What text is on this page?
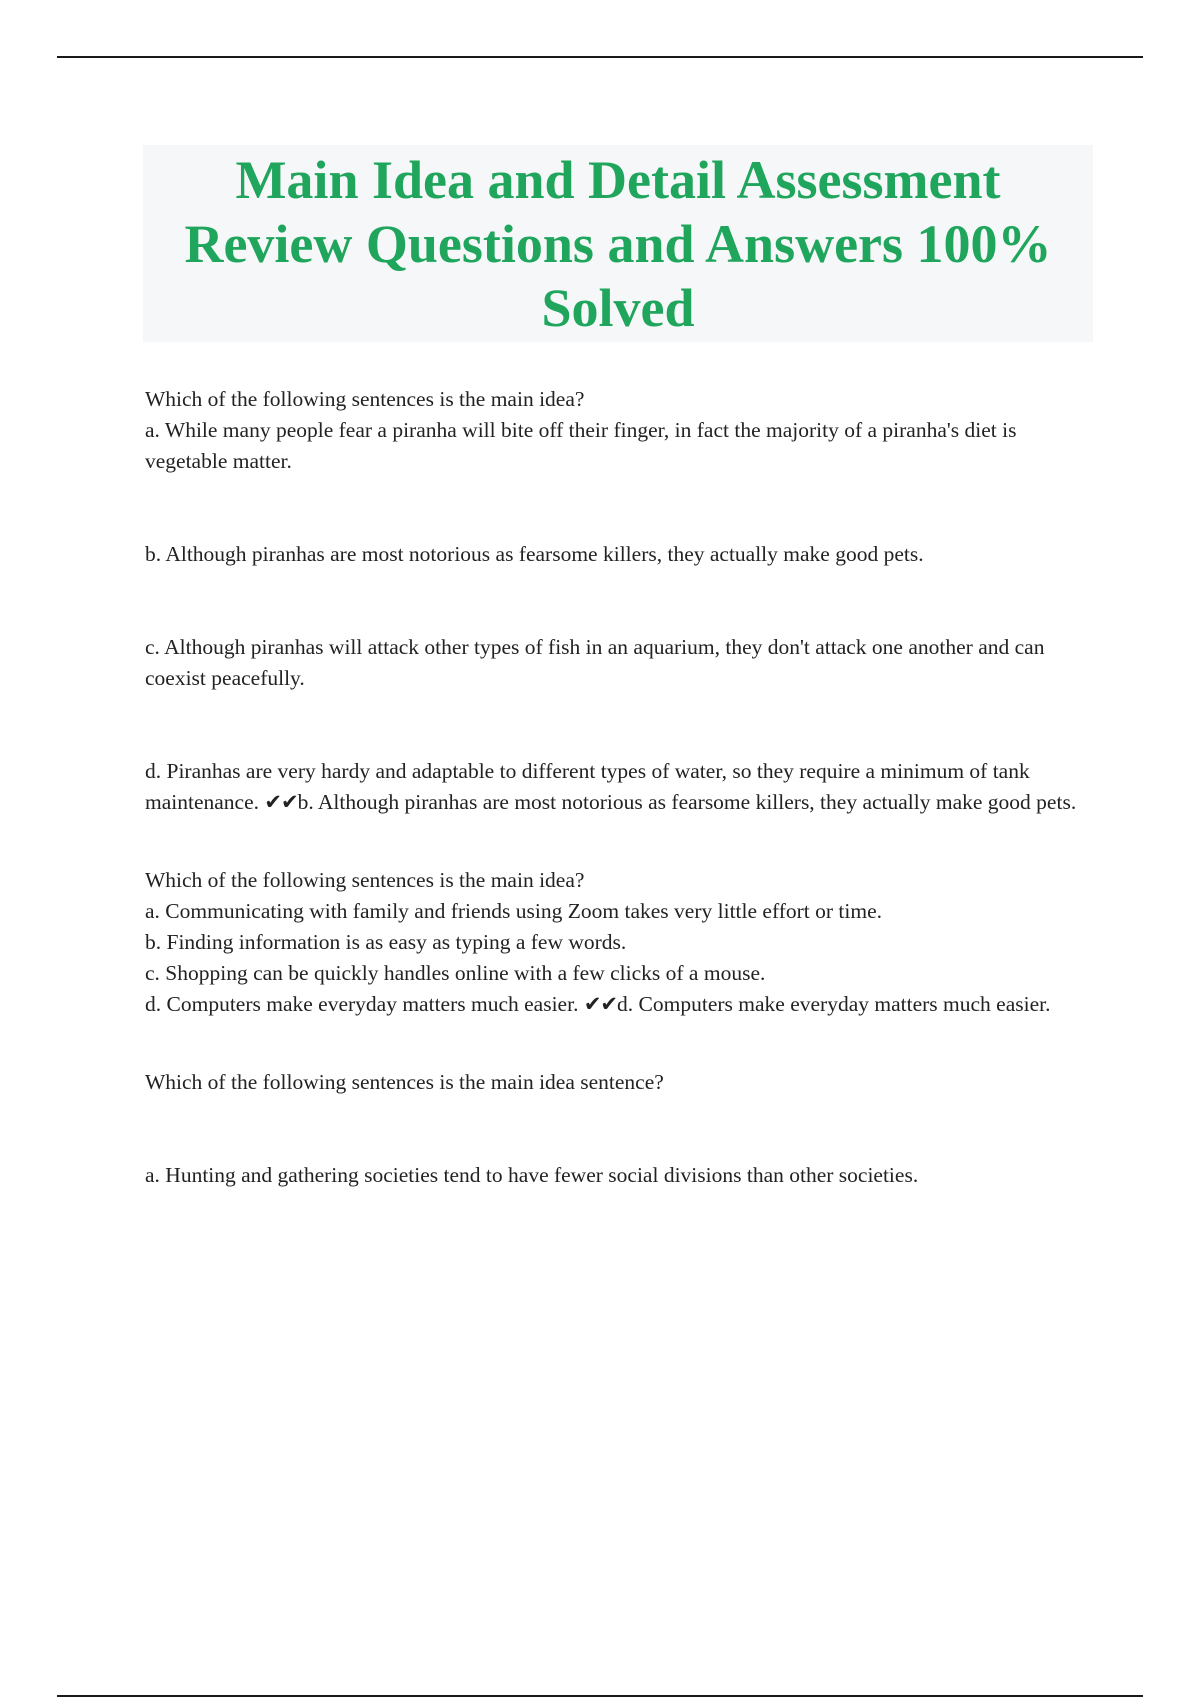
Main Idea and Detail Assessment Review Questions and Answers 100% Solved

Which of the following sentences is the main idea?

a. While many people fear a piranha will bite off their finger, in fact the majority of a piranha's diet is vegetable matter.

b. Although piranhas are most notorious as fearsome killers, they actually make good pets.

c. Although piranhas will attack other types of fish in an aquarium, they don't attack one another and can coexist peacefully.

d. Piranhas are very hardy and adaptable to different types of water, so they require a minimum of tank maintenance. ✔✔b. Although piranhas are most notorious as fearsome killers, they actually make good pets.

Which of the following sentences is the main idea?

a. Communicating with family and friends using Zoom takes very little effort or time.

b. Finding information is as easy as typing a few words.

c. Shopping can be quickly handles online with a few clicks of a mouse.

d. Computers make everyday matters much easier. ✔✔d. Computers make everyday matters much easier.

Which of the following sentences is the main idea sentence?

a. Hunting and gathering societies tend to have fewer social divisions than other societies.
